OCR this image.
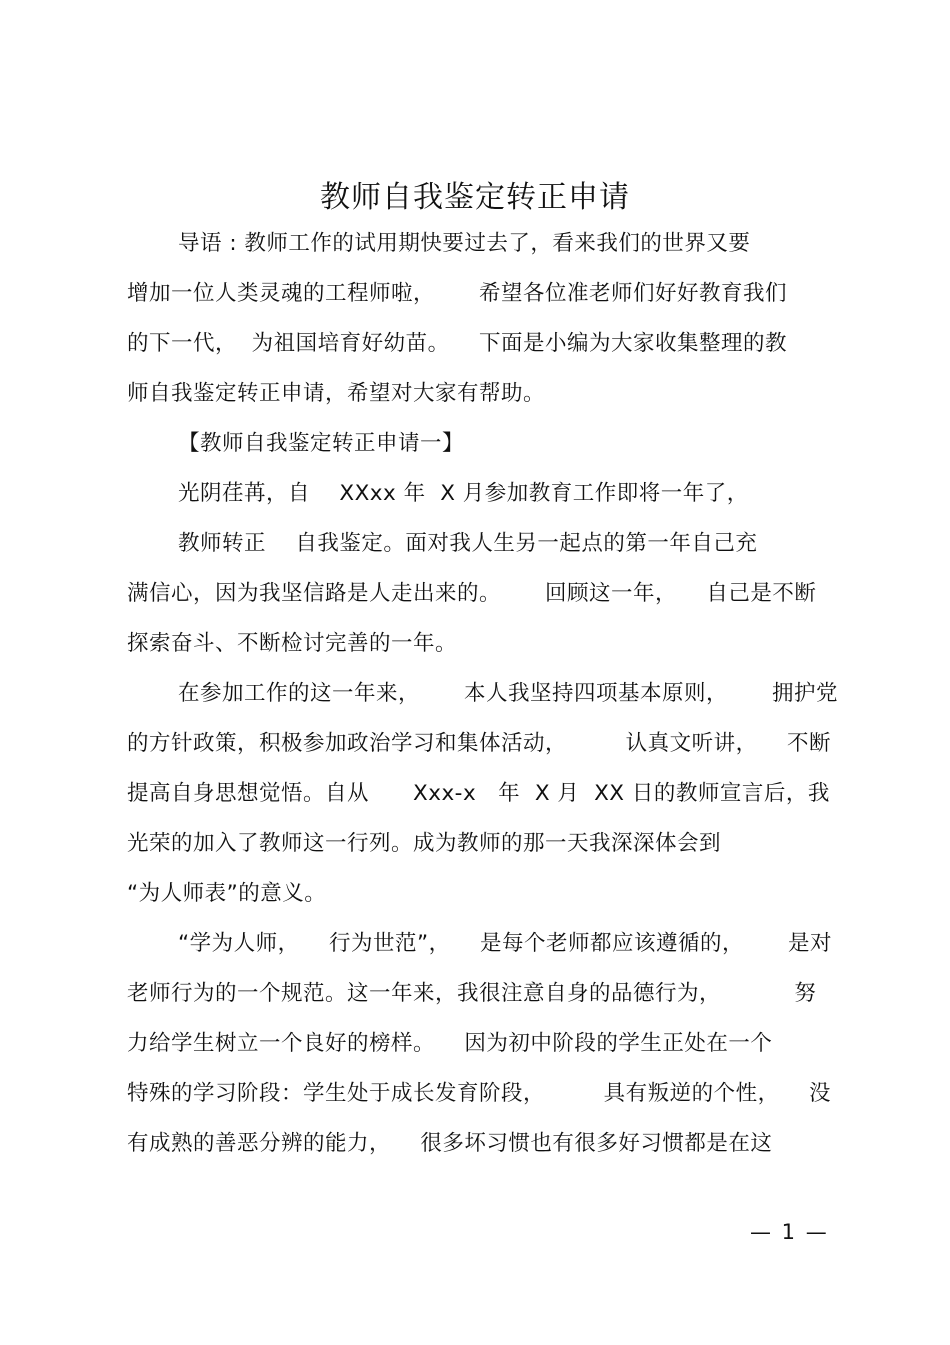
教师自我鉴定转正申请
导语 : 教师工作的试用期快要过去了，看来我们的世界又要
增加一位人类灵魂的工程师啦，      希望各位准老师们好好教育我们
的下一代，  为祖国培育好幼苗。    下面是小编为大家收集整理的教
师自我鉴定转正申请，希望对大家有帮助。
【教师自我鉴定转正申请一】
光阴荏苒，自    XXxx 年  X 月参加教育工作即将一年了，
教师转正    自我鉴定。面对我人生另一起点的第一年自己充
满信心，因为我坚信路是人走出来的。      回顾这一年，    自己是不断
探索奋斗、不断检讨完善的一年。
在参加工作的这一年来，      本人我坚持四项基本原则，      拥护党
的方针政策，积极参加政治学习和集体活动，        认真文听讲，    不断
提高自身思想觉悟。自从      Xxx-x   年  X 月  XX 日的教师宣言后，我
光荣的加入了教师这一行列。成为教师的那一天我深深体会到
“为人师表”的意义。
“学为人师，    行为世范”，    是每个老师都应该遵循的，      是对
老师行为的一个规范。这一年来，我很注意自身的品德行为，          努
力给学生树立一个良好的榜样。    因为初中阶段的学生正处在一个
特殊的学习阶段：学生处于成长发育阶段，        具有叛逆的个性，    没
有成熟的善恶分辨的能力，    很多坏习惯也有很多好习惯都是在这
— 1 —
